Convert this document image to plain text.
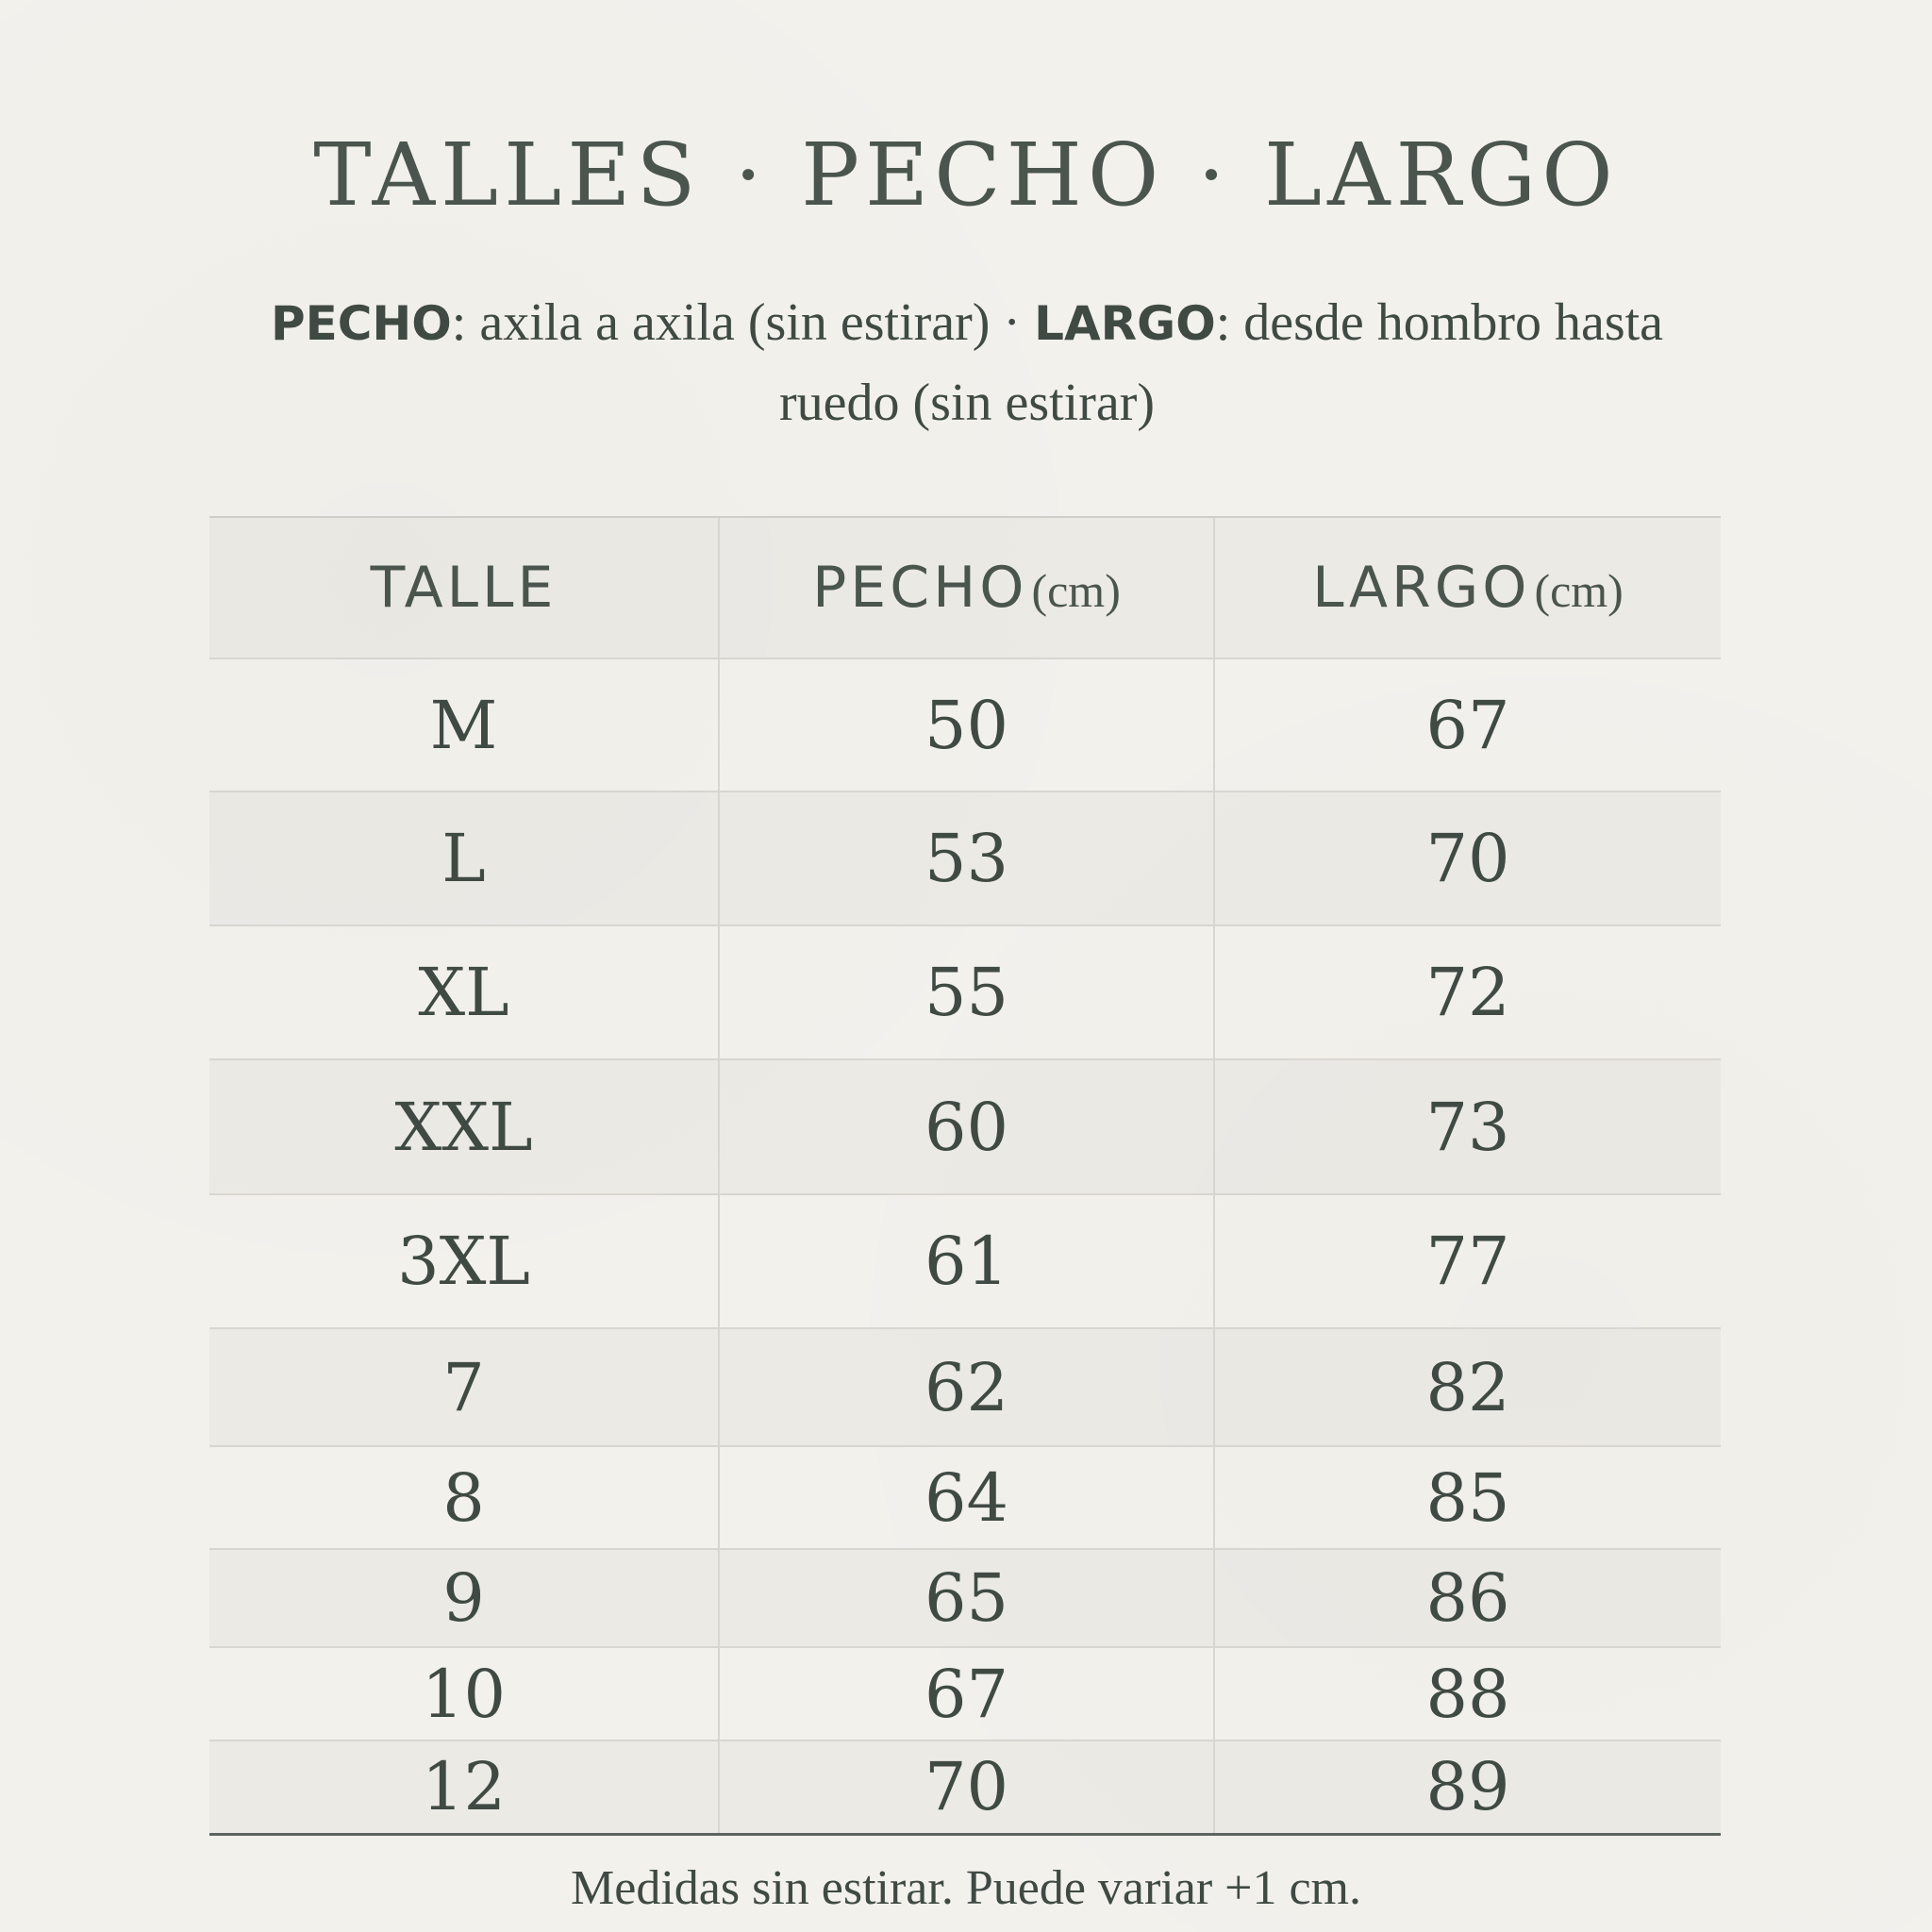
TALLES · PECHO · LARGO
PECHO: axila a axila (sin estirar) · LARGO: desde hombro hasta ruedo (sin estirar)
TALLE	PECHO (cm)	LARGO (cm)
M	50	67
L	53	70
XL	55	72
XXL	60	73
3XL	61	77
7	62	82
8	64	85
9	65	86
10	67	88
12	70	89
Medidas sin estirar. Puede variar +1 cm.
